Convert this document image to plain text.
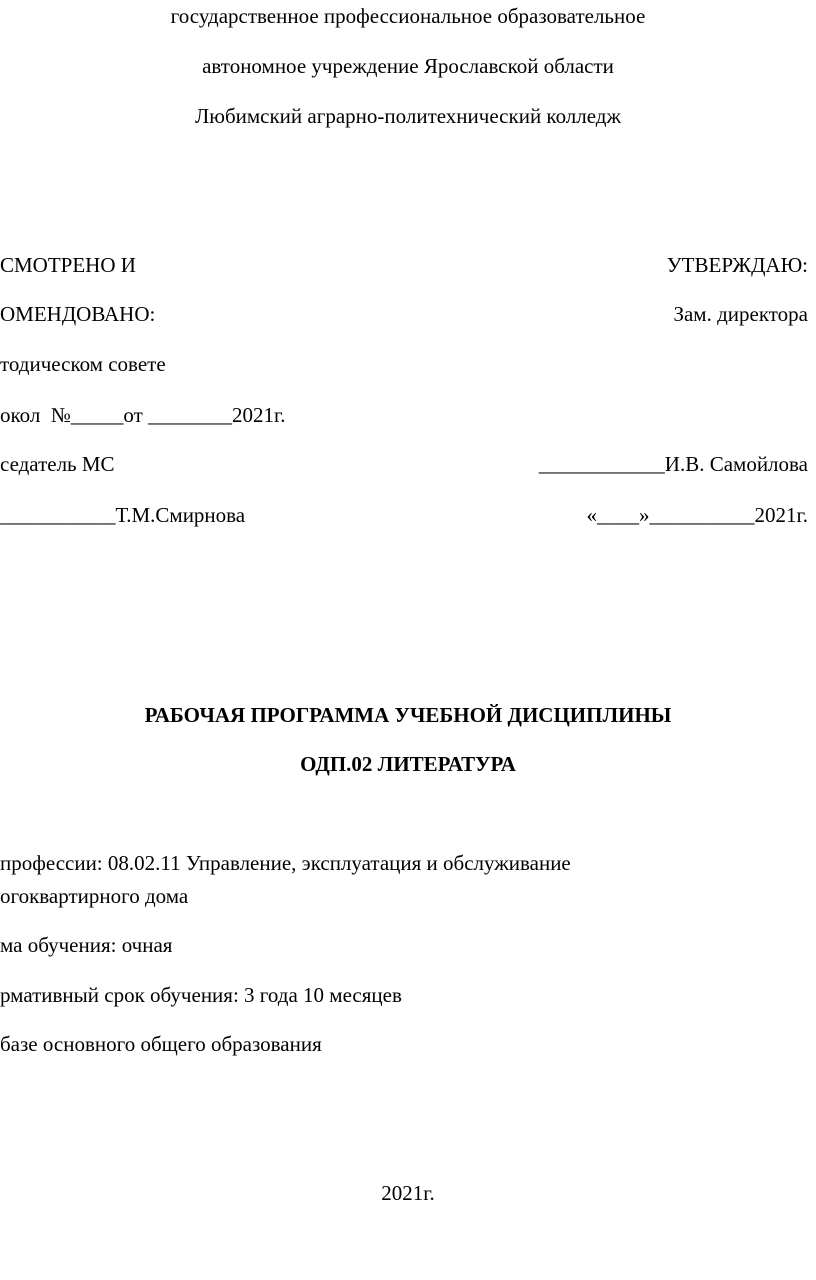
государственное профессиональное образовательное
автономное учреждение Ярославской области
Любимский аграрно-политехнический колледж
СМОТРЕНО И
ОМЕНДОВАНО:
тодическом совете
окол  №_____от ________2021г.
седатель МС
___________Т.М.Смирнова
УТВЕРЖДАЮ:
Зам. директора
____________И.В. Самойлова
«____»__________2021г.
РАБОЧАЯ ПРОГРАММА УЧЕБНОЙ ДИСЦИПЛИНЫ
ОДП.02 ЛИТЕРАТУРА
профессии: 08.02.11 Управление, эксплуатация и обслуживание
огоквартирного дома
ма обучения: очная
рмативный срок обучения: 3 года 10 месяцев
базе основного общего образования
2021г.
